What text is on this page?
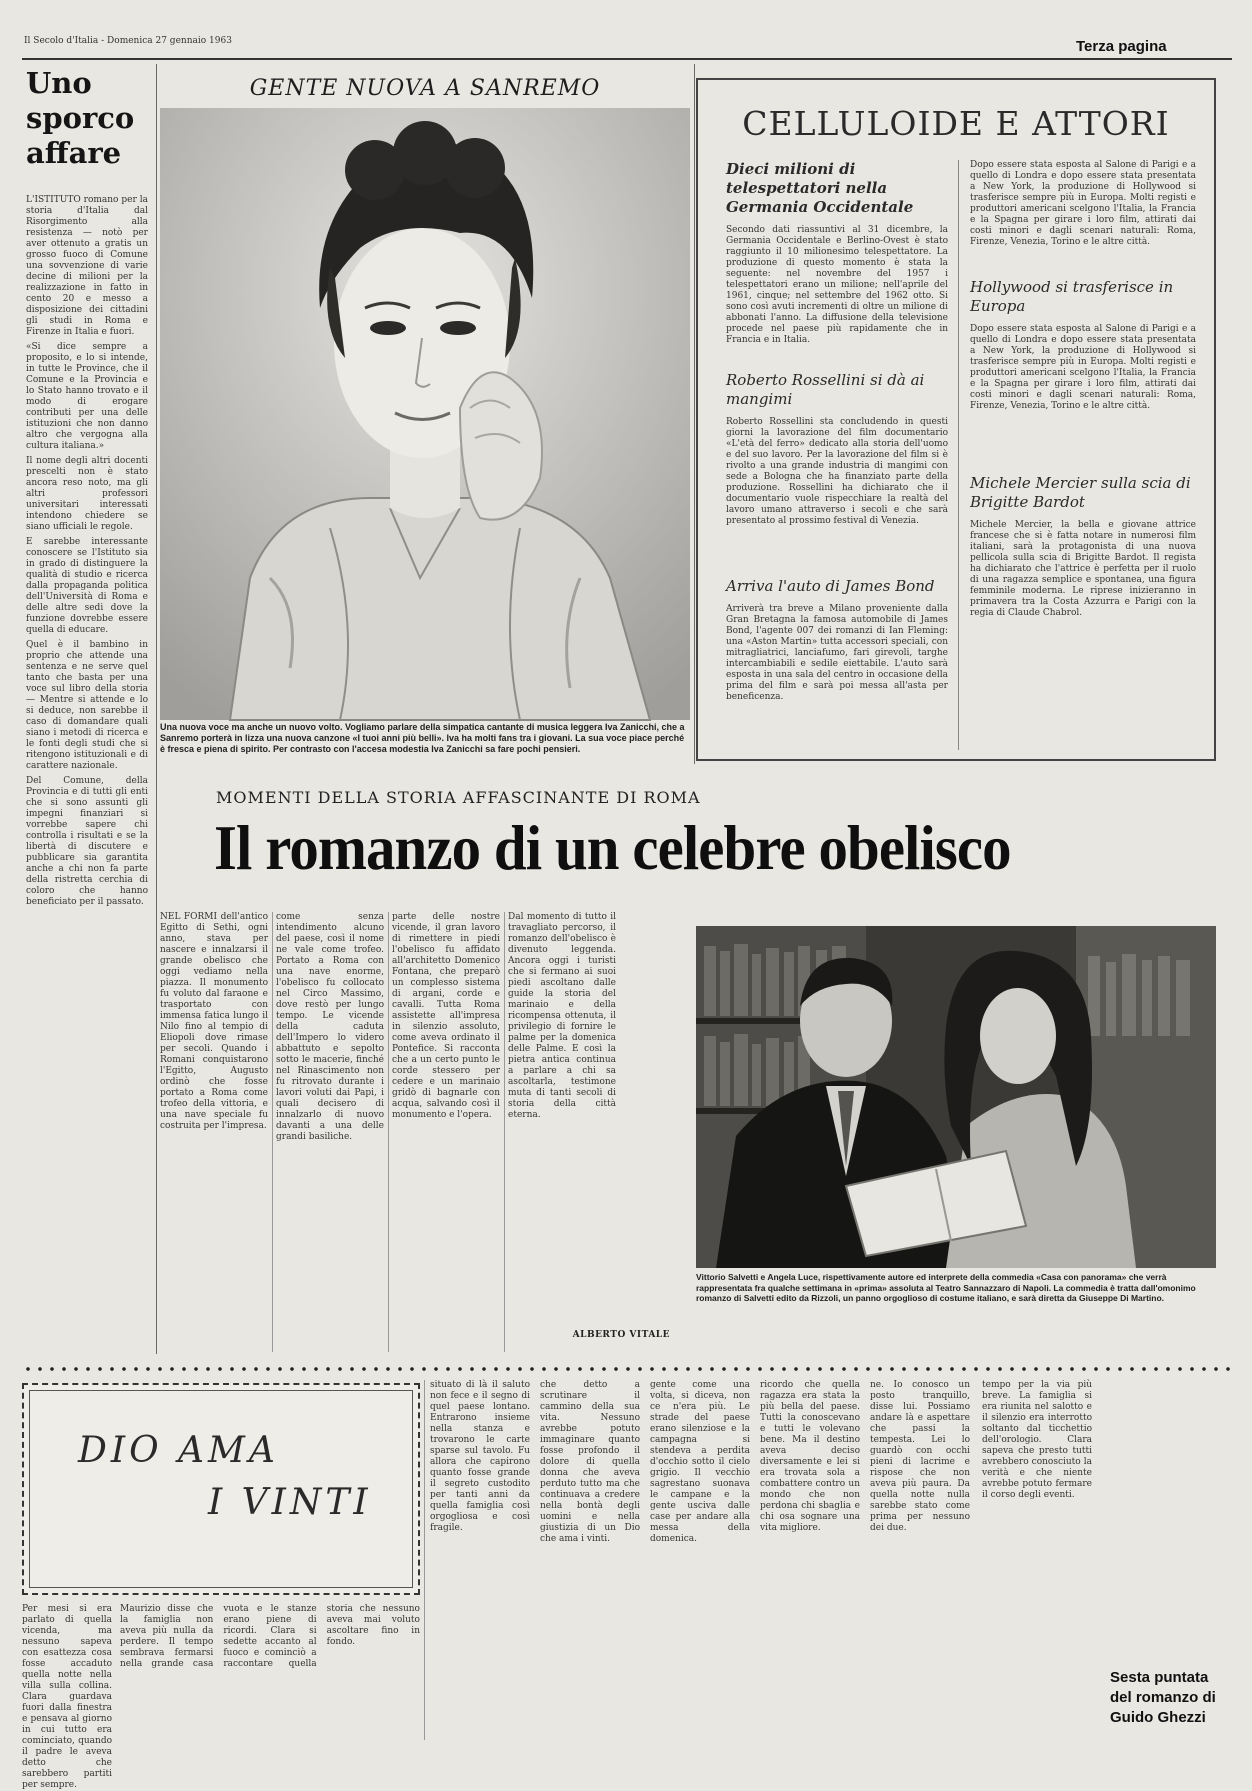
Il Secolo d'Italia - Domenica 27 gennaio 1963	Terza pagina
Uno
sporco
affare

L'ISTITUTO romano per la storia d'Italia dal Risorgimento alla resistenza — notò per aver ottenuto a gratis un grosso fuoco di Comune una sovvenzione di varie decine di milioni per la realizzazione in fatto in cento 20 e messo a disposizione dei cittadini gli studi in Roma e Firenze in Italia e fuori.

«Si dice sempre a proposito, e lo si intende, in tutte le Province, che il Comune e la Provincia e lo Stato hanno trovato e il modo di erogare contributi per una delle istituzioni che non danno altro che vergogna alla cultura italiana.»

Il nome degli altri docenti prescelti non è stato ancora reso noto, ma gli altri professori universitari interessati intendono chiedere se siano ufficiali le regole.

E sarebbe interessante conoscere se l'Istituto sia in grado di distinguere la qualità di studio e ricerca dalla propaganda politica dell'Università di Roma e delle altre sedi dove la funzione dovrebbe essere quella di educare.

Quel è il bambino in proprio che attende una sentenza e ne serve quel tanto che basta per una voce sul libro della storia — Mentre si attende e lo si deduce, non sarebbe il caso di domandare quali siano i metodi di ricerca e le fonti degli studi che si ritengono istituzionali e di carattere nazionale.

Del Comune, della Provincia e di tutti gli enti che si sono assunti gli impegni finanziari si vorrebbe sapere chi controlla i risultati e se la libertà di discutere e pubblicare sia garantita anche a chi non fa parte della ristretta cerchia di coloro che hanno beneficiato per il passato.

GENTE NUOVA A SANREMO
Una nuova voce ma anche un nuovo volto. Vogliamo parlare della simpatica cantante di musica leggera Iva Zanicchi, che a Sanremo porterà in lizza una nuova canzone «I tuoi anni più belli». Iva ha molti fans tra i giovani. La sua voce piace perché è fresca e piena di spirito. Per contrasto con l'accesa modestia Iva Zanicchi sa fare pochi pensieri.
CELLULOIDE E ATTORI
Dieci milioni di telespettatori nella Germania Occidentale
Secondo dati riassuntivi al 31 dicembre, la Germania Occidentale e Berlino-Ovest è stato raggiunto il 10 milionesimo telespettatore. La produzione di questo momento è stata la seguente: nel novembre del 1957 i telespettatori erano un milione; nell'aprile del 1961, cinque; nel settembre del 1962 otto. Si sono così avuti incrementi di oltre un milione di abbonati l'anno. La diffusione della televisione procede nel paese più rapidamente che in Francia e in Italia.
Roberto Rossellini si dà ai mangimi
Roberto Rossellini sta concludendo in questi giorni la lavorazione del film documentario «L'età del ferro» dedicato alla storia dell'uomo e del suo lavoro. Per la lavorazione del film si è rivolto a una grande industria di mangimi con sede a Bologna che ha finanziato parte della produzione. Rossellini ha dichiarato che il documentario vuole rispecchiare la realtà del lavoro umano attraverso i secoli e che sarà presentato al prossimo festival di Venezia.
Arriva l'auto di James Bond
Arriverà tra breve a Milano proveniente dalla Gran Bretagna la famosa automobile di James Bond, l'agente 007 dei romanzi di Ian Fleming: una «Aston Martin» tutta accessori speciali, con mitragliatrici, lanciafumo, fari girevoli, targhe intercambiabili e sedile eiettabile. L'auto sarà esposta in una sala del centro in occasione della prima del film e sarà poi messa all'asta per beneficenza.
Dopo essere stata esposta al Salone di Parigi e a quello di Londra e dopo essere stata presentata a New York, la produzione di Hollywood si trasferisce sempre più in Europa. Molti registi e produttori americani scelgono l'Italia, la Francia e la Spagna per girare i loro film, attirati dai costi minori e dagli scenari naturali: Roma, Firenze, Venezia, Torino e le altre città.
Hollywood si trasferisce in Europa
Dopo essere stata esposta al Salone di Parigi e a quello di Londra e dopo essere stata presentata a New York, la produzione di Hollywood si trasferisce sempre più in Europa. Molti registi e produttori americani scelgono l'Italia, la Francia e la Spagna per girare i loro film, attirati dai costi minori e dagli scenari naturali: Roma, Firenze, Venezia, Torino e le altre città.
Michele Mercier sulla scia di Brigitte Bardot
Michele Mercier, la bella e giovane attrice francese che si è fatta notare in numerosi film italiani, sarà la protagonista di una nuova pellicola sulla scia di Brigitte Bardot. Il regista ha dichiarato che l'attrice è perfetta per il ruolo di una ragazza semplice e spontanea, una figura femminile moderna. Le riprese inizieranno in primavera tra la Costa Azzurra e Parigi con la regia di Claude Chabrol.
MOMENTI DELLA STORIA AFFASCINANTE DI ROMA
Il romanzo di un celebre obelisco
NEL FORMI dell'antico Egitto di Sethi, ogni anno, stava per nascere e innalzarsi il grande obelisco che oggi vediamo nella piazza. Il monumento fu voluto dal faraone e trasportato con immensa fatica lungo il Nilo fino al tempio di Eliopoli dove rimase per secoli. Quando i Romani conquistarono l'Egitto, Augusto ordinò che fosse portato a Roma come trofeo della vittoria, e una nave speciale fu costruita per l'impresa.
come senza intendimento alcuno del paese, così il nome ne vale come trofeo. Portato a Roma con una nave enorme, l'obelisco fu collocato nel Circo Massimo, dove restò per lungo tempo. Le vicende della caduta dell'Impero lo videro abbattuto e sepolto sotto le macerie, finché nel Rinascimento non fu ritrovato durante i lavori voluti dai Papi, i quali decisero di innalzarlo di nuovo davanti a una delle grandi basiliche.
parte delle nostre vicende, il gran lavoro di rimettere in piedi l'obelisco fu affidato all'architetto Domenico Fontana, che preparò un complesso sistema di argani, corde e cavalli. Tutta Roma assistette all'impresa in silenzio assoluto, come aveva ordinato il Pontefice. Si racconta che a un certo punto le corde stessero per cedere e un marinaio gridò di bagnarle con acqua, salvando così il monumento e l'opera.
Dal momento di tutto il travagliato percorso, il romanzo dell'obelisco è divenuto leggenda. Ancora oggi i turisti che si fermano ai suoi piedi ascoltano dalle guide la storia del marinaio e della ricompensa ottenuta, il privilegio di fornire le palme per la domenica delle Palme. E così la pietra antica continua a parlare a chi sa ascoltarla, testimone muta di tanti secoli di storia della città eterna.
ALBERTO VITALE
Vittorio Salvetti e Angela Luce, rispettivamente autore ed interprete della commedia «Casa con panorama» che verrà rappresentata fra qualche settimana in «prima» assoluta al Teatro Sannazzaro di Napoli. La commedia è tratta dall'omonimo romanzo di Salvetti edito da Rizzoli, un panno orgoglioso di costume italiano, e sarà diretta da Giuseppe Di Martino.
DIO AMA
I VINTI
Per mesi si era parlato di quella vicenda, ma nessuno sapeva con esattezza cosa fosse accaduto quella notte nella villa sulla collina. Clara guardava fuori dalla finestra e pensava al giorno in cui tutto era cominciato, quando il padre le aveva detto che sarebbero partiti per sempre.
Maurizio disse che la famiglia non aveva più nulla da perdere. Il tempo sembrava fermarsi nella grande casa vuota e le stanze erano piene di ricordi. Clara si sedette accanto al fuoco e cominciò a raccontare quella storia che nessuno aveva mai voluto ascoltare fino in fondo.
situato di là il saluto non fece e il segno di quel paese lontano. Entrarono insieme nella stanza e trovarono le carte sparse sul tavolo. Fu allora che capirono quanto fosse grande il segreto custodito per tanti anni da quella famiglia così orgogliosa e così fragile.
che detto a scrutinare il cammino della sua vita. Nessuno avrebbe potuto immaginare quanto fosse profondo il dolore di quella donna che aveva perduto tutto ma che continuava a credere nella bontà degli uomini e nella giustizia di un Dio che ama i vinti.
gente come una volta, si diceva, non ce n'era più. Le strade del paese erano silenziose e la campagna si stendeva a perdita d'occhio sotto il cielo grigio. Il vecchio sagrestano suonava le campane e la gente usciva dalle case per andare alla messa della domenica.
ricordo che quella ragazza era stata la più bella del paese. Tutti la conoscevano e tutti le volevano bene. Ma il destino aveva deciso diversamente e lei si era trovata sola a combattere contro un mondo che non perdona chi sbaglia e chi osa sognare una vita migliore.
ne. Io conosco un posto tranquillo, disse lui. Possiamo andare là e aspettare che passi la tempesta. Lei lo guardò con occhi pieni di lacrime e rispose che non aveva più paura. Da quella notte nulla sarebbe stato come prima per nessuno dei due.
tempo per la via più breve. La famiglia si era riunita nel salotto e il silenzio era interrotto soltanto dal ticchettio dell'orologio. Clara sapeva che presto tutti avrebbero conosciuto la verità e che niente avrebbe potuto fermare il corso degli eventi.
Sesta puntata del romanzo di Guido Ghezzi
